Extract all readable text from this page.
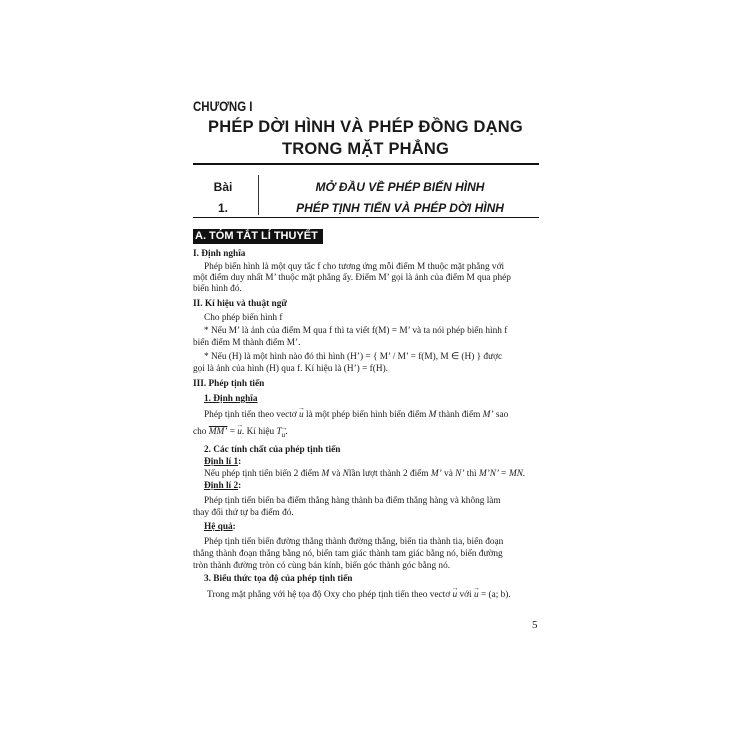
CHƯƠNG I
PHÉP DỜI HÌNH VÀ PHÉP ĐỒNG DẠNG
TRONG MẶT PHẲNG
Bài
1.
MỞ ĐẦU VỀ PHÉP BIẾN HÌNH
PHÉP TỊNH TIẾN VÀ PHÉP DỜI HÌNH
A. TÓM TẮT LÍ THUYẾT
I. Định nghĩa
Phép biến hình là một quy tắc f cho tương ứng mỗi điểm M thuộc mặt phẳng với
một điểm duy nhất M’ thuộc mặt phẳng ấy. Điểm M’ gọi là ảnh của điểm M qua phép
biến hình đó.
II. Kí hiệu và thuật ngữ
Cho phép biến hình f
* Nếu M’ là ảnh của điểm M qua f thì ta viết f(M) = M’ và ta nói phép biến hình f
biến điểm M thành điểm M’.
* Nếu (H) là một hình nào đó thì hình (H’) = { M’ / M’ = f(M), M ∈ (H) } được
gọi là ảnh của hình (H) qua f. Kí hiệu là (H’) = f(H).
III. Phép tịnh tiến
1. Định nghĩa
Phép tịnh tiến theo vectơ → u là một phép biến hình biến điểm M thành điểm M’ sao
cho MM’ = → u. Kí hiệu T→ $_u$.
2. Các tính chất của phép tịnh tiến
Định lí 1:
Nếu phép tịnh tiến biến 2 điểm M và Nlần lượt thành 2 điểm M’ và N’ thì M’N’ = MN.
Định lí 2:
Phép tịnh tiến biến ba điểm thẳng hàng thành ba điểm thẳng hàng và không làm
thay đổi thứ tự ba điểm đó.
Hệ quả:
Phép tịnh tiến biến đường thẳng thành đường thẳng, biến tia thành tia, biến đoạn
thẳng thành đoạn thẳng bằng nó, biến tam giác thành tam giác bằng nó, biến đường
tròn thành đường tròn có cùng bán kính, biến góc thành góc bằng nó.
3. Biểu thức tọa độ của phép tịnh tiến
Trong mặt phẳng với hệ tọa độ Oxy cho phép tịnh tiến theo vectơ → u với → u = (a; b).
5
